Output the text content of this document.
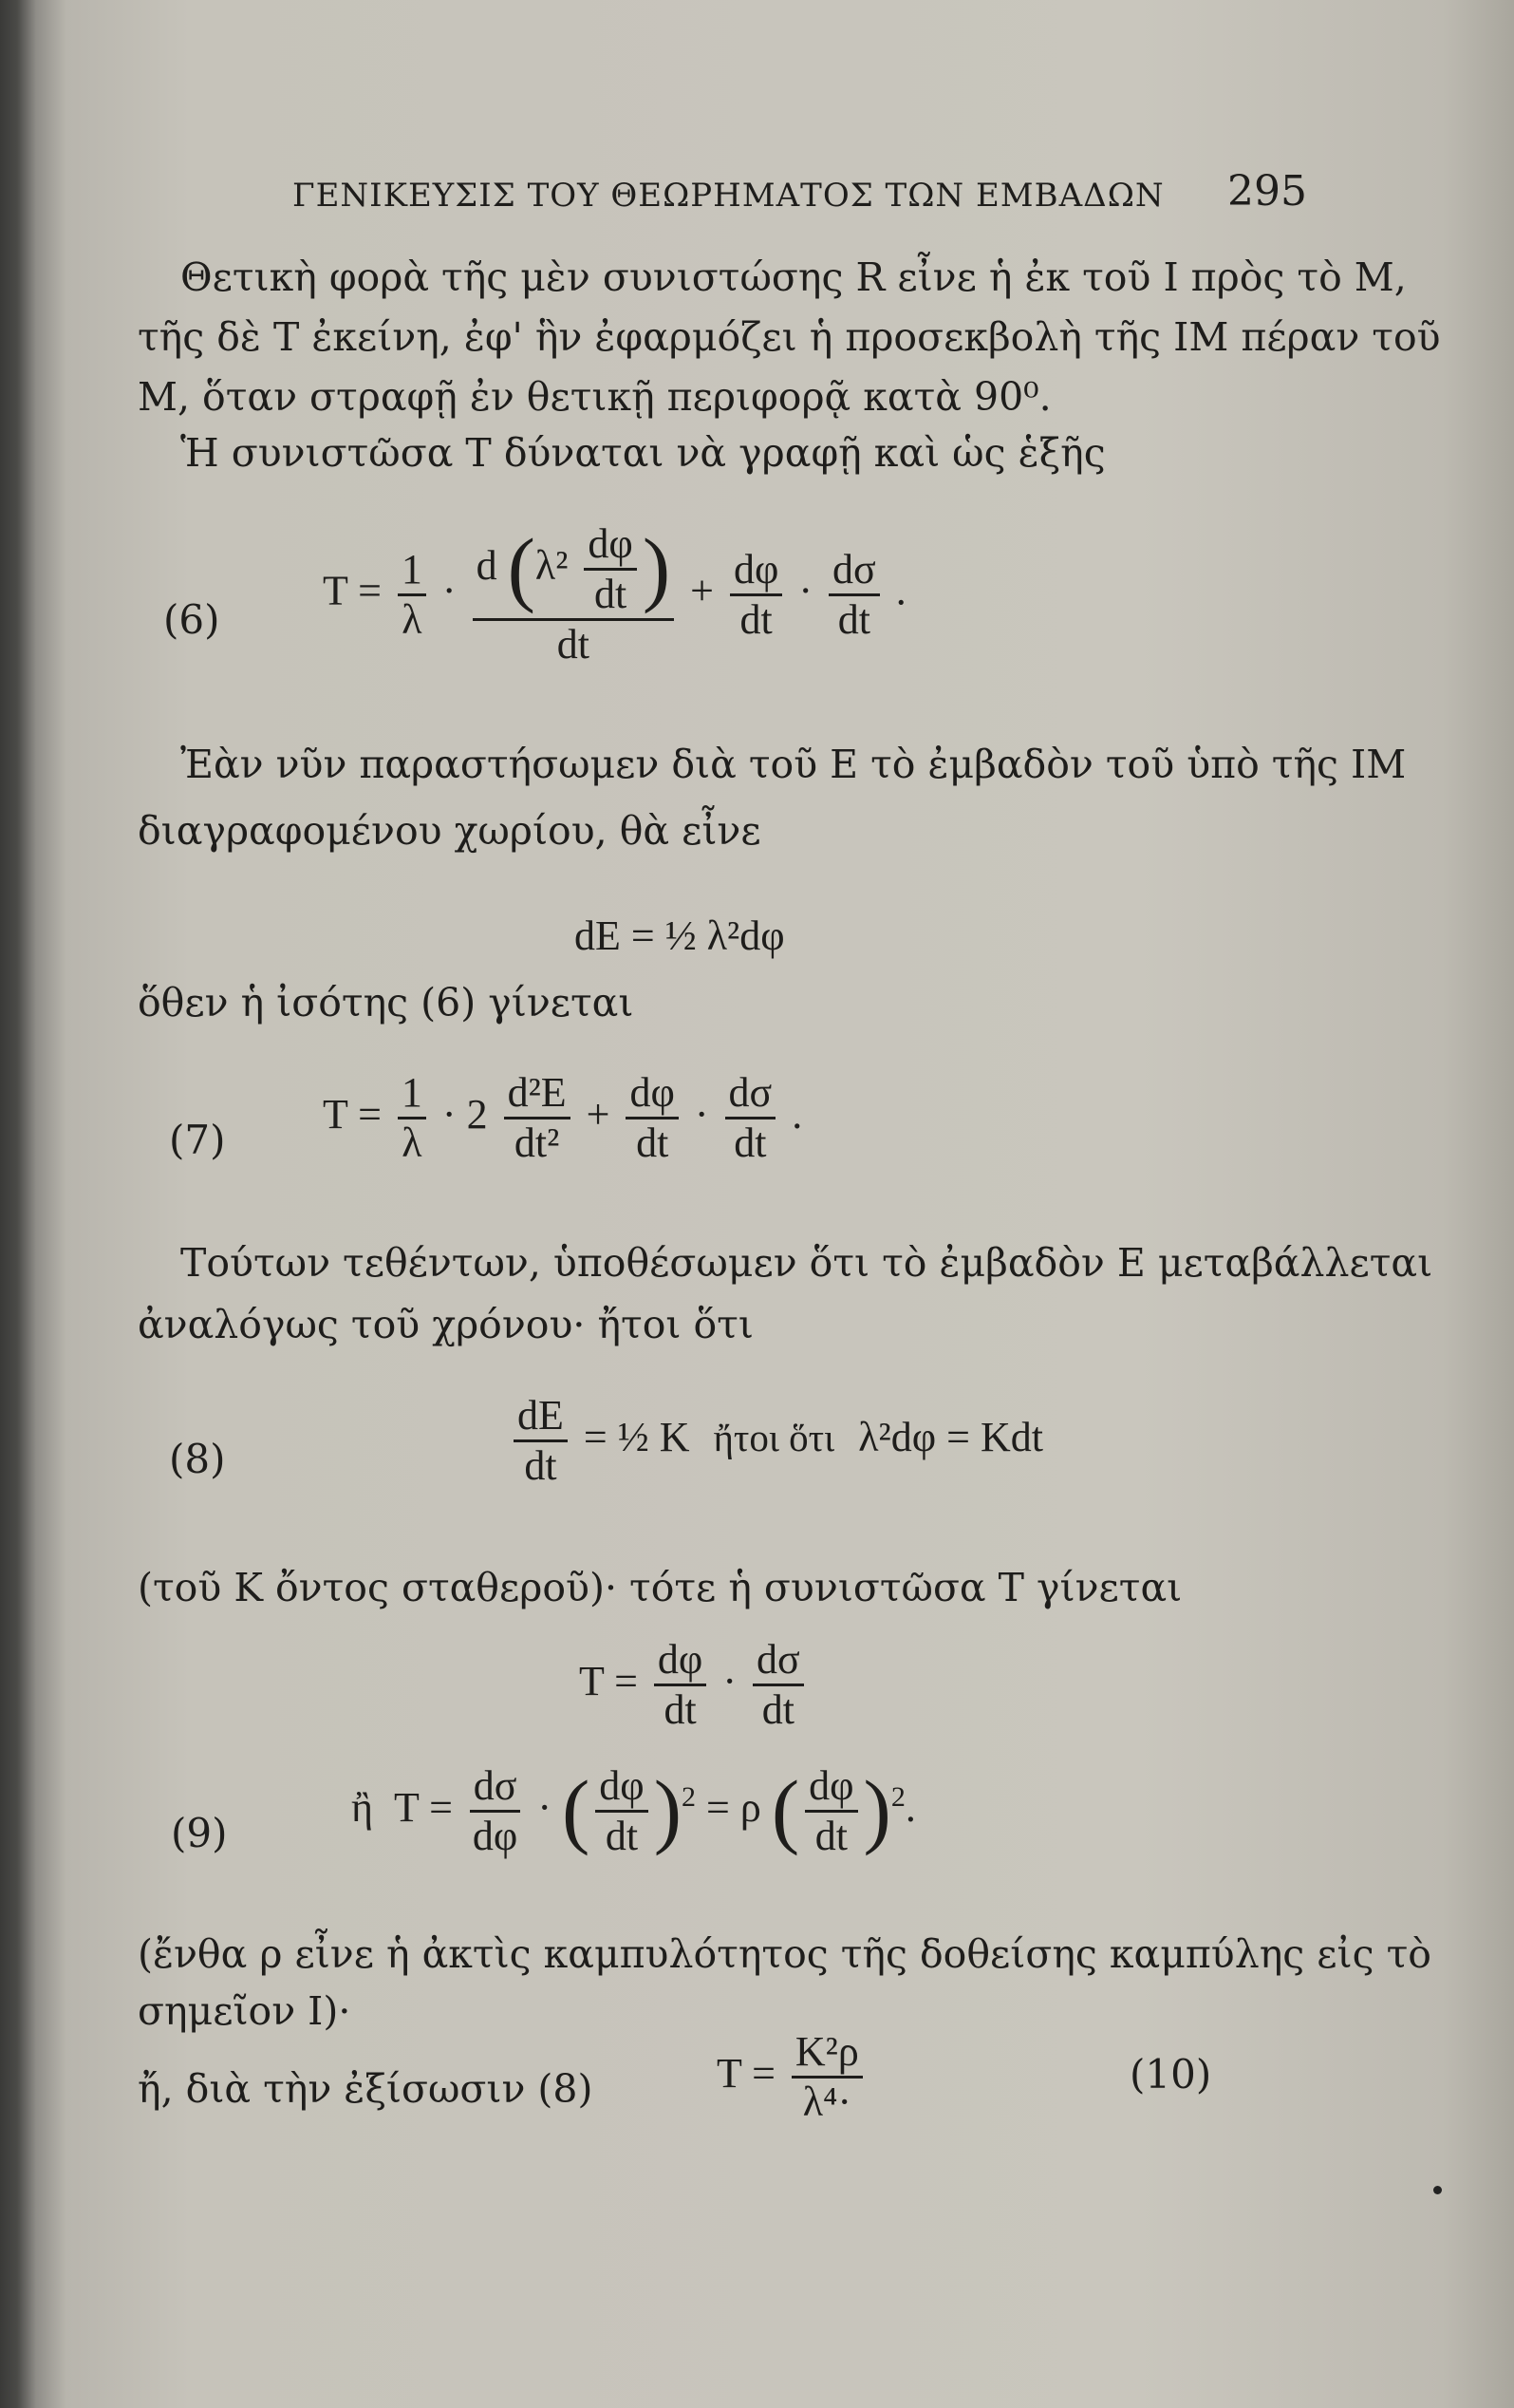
ΓΕΝΙΚΕΥΣΙΣ ΤΟΥ ΘΕΩΡΗΜΑΤΟΣ ΤΩΝ ΕΜΒΑΔΩΝ 295
Θετικὴ φορὰ τῆς μὲν συνιστώσης R εἶνε ἡ ἐκ τοῦ I πρὸς τὸ M,
τῆς δὲ T ἐκείνη, ἐφ' ἣν ἐφαρμόζει ἡ προσεκβολὴ τῆς IM πέραν τοῦ
M, ὅταν στραφῇ ἐν θετικῇ περιφορᾷ κατὰ 90⁰.
Ἡ συνιστῶσα T δύναται νὰ γραφῇ καὶ ὡς ἑξῆς
(6)
$T = \frac{1}{\lambda} \cdot \frac{d (\lambda^2 \frac{d\varphi}{dt} )}{dt} + \frac{d\varphi}{dt} \cdot \frac{d\sigma}{dt}$ .
Ἐὰν νῦν παραστήσωμεν διὰ τοῦ E τὸ ἐμβαδὸν τοῦ ὑπὸ τῆς IM
διαγραφομένου χωρίου, θὰ εἶνε
dE = ½ λ²dφ
ὅθεν ἡ ἰσότης (6) γίνεται
(7)
$T = \frac{1}{\lambda} \cdot 2 \frac{\text{d²E}}{\text{dt²}} + \frac{d\varphi}{dt} \cdot \frac{d\sigma}{dt}$ .
Τούτων τεθέντων, ὑποθέσωμεν ὅτι τὸ ἐμβαδὸν E μεταβάλλεται
ἀναλόγως τοῦ χρόνου· ἤτοι ὅτι
(8)	$\frac{dE}{dt}$ = ½ K ἤτοι ὅτι λ²dφ = Kdt
(τοῦ K ὄντος σταθεροῦ)· τότε ἡ συνιστῶσα T γίνεται
$T = \frac{d\varphi}{dt} \cdot \frac{d\sigma}{dt}$
(9)
ἢ $T = \frac{d\sigma}{d\varphi}$ · ( $\frac{d\varphi}{dt} )^2 = \rho$ ( $\frac{d\varphi}{dt} )^2$.
(ἔνθα ρ εἶνε ἡ ἀκτὶς καμπυλότητος τῆς δοθείσης καμπύλης εἰς τὸ
σημεῖον I)·
ἤ, διὰ τὴν ἐξίσωσιν (8)	$T = \frac{\text{K²ρ}}{\text{λ⁴·}}$	(10)
